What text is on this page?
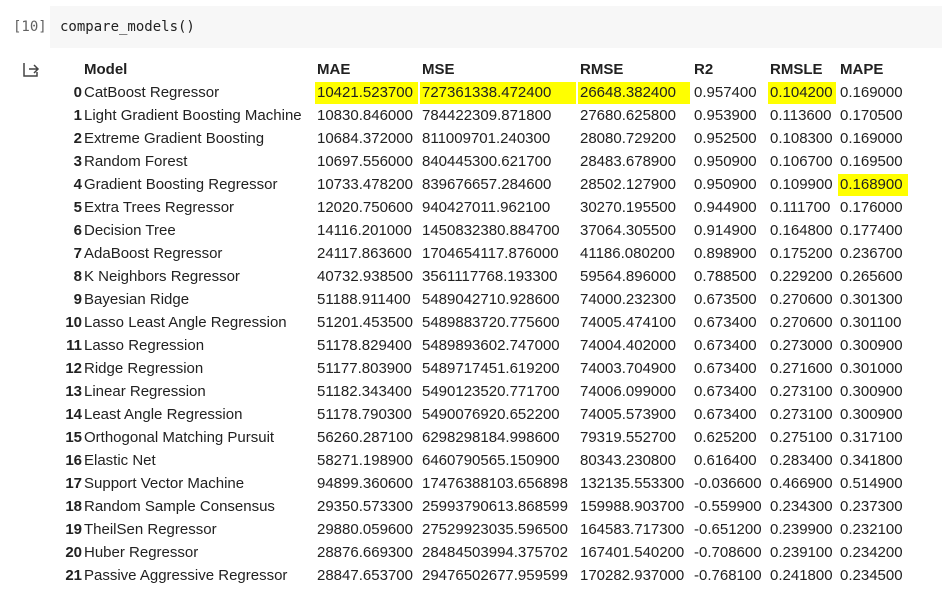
[10] compare_models()
Model	MAE	MSE	RMSE	R2	RMSLE MAPE
0 CatBoost Regressor	10421.523700 727361338.472400 26648.382400 0.957400 0.104200 0.169000
1 Light Gradient Boosting Machine 10830.846000 784422309.871800 27680.625800 0.953900 0.113600 0.170500
2 Extreme Gradient Boosting	10684.372000 811009701.240300 28080.729200 0.952500 0.108300 0.169000
3 Random Forest	10697.556000 840445300.621700 28483.678900 0.950900 0.106700 0.169500
4 Gradient Boosting Regressor	10733.478200 839676657.284600 28502.127900 0.950900 0.109900 0.168900
5 Extra Trees Regressor	12020.750600 940427011.962100 30270.195500 0.944900 0.111700 0.176000
6 Decision Tree	14116.201000 1450832380.884700 37064.305500 0.914900 0.164800 0.177400
7 AdaBoost Regressor	24117.863600 1704654117.876000 41186.080200 0.898900 0.175200 0.236700
8 K Neighbors Regressor	40732.938500 3561117768.193300 59564.896000 0.788500 0.229200 0.265600
9 Bayesian Ridge	51188.911400 5489042710.928600 74000.232300 0.673500 0.270600 0.301300
10 Lasso Least Angle Regression 51201.453500 5489883720.775600 74005.474100 0.673400 0.270600 0.301100
11 Lasso Regression	51178.829400 5489893602.747000 74004.402000 0.673400 0.273000 0.300900
12 Ridge Regression	51177.803900 5489717451.619200 74003.704900 0.673400 0.271600 0.301000
13 Linear Regression	51182.343400 5490123520.771700 74006.099000 0.673400 0.273100 0.300900
14 Least Angle Regression	51178.790300 5490076920.652200 74005.573900 0.673400 0.273100 0.300900
15 Orthogonal Matching Pursuit	56260.287100 6298298184.998600 79319.552700 0.625200 0.275100 0.317100
16 Elastic Net	58271.198900 6460790565.150900 80343.230800 0.616400 0.283400 0.341800
17 Support Vector Machine	94899.360600 17476388103.656898 132135.553300 -0.036600 0.466900 0.514900
18 Random Sample Consensus	29350.573300 25993790613.868599 159988.903700 -0.559900 0.234300 0.237300
19 TheilSen Regressor	29880.059600 27529923035.596500 164583.717300 -0.651200 0.239900 0.232100
20 Huber Regressor	28876.669300 28484503994.375702 167401.540200 -0.708600 0.239100 0.234200
21 Passive Aggressive Regressor 28847.653700 29476502677.959599 170282.937000 -0.768100 0.241800 0.234500
